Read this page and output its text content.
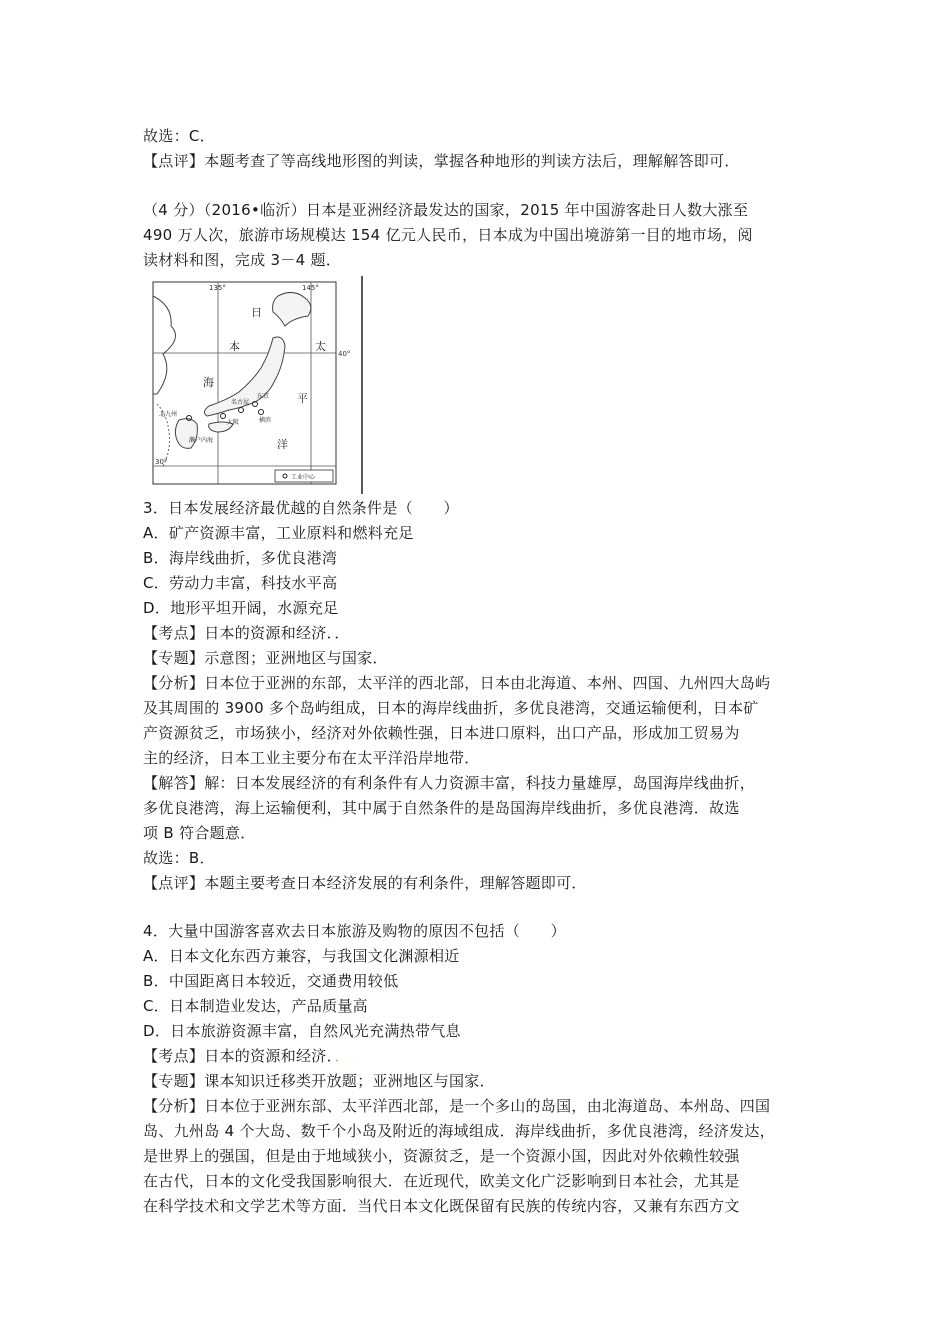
故选：C．
【点评】本题考查了等高线地形图的判读，掌握各种地形的判读方法后，理解解答即可．
（4 分）（2016•临沂）日本是亚洲经济最发达的国家，2015 年中国游客赴日人数大涨至
490 万人次，旅游市场规模达 154 亿元人民币，日本成为中国出境游第一目的地市场，阅
读材料和图，完成 3－4 题．
135°	145°
40°
30°
日
本
海
太
平
洋
北九州
名古屋
东京
横滨
大阪
濑户内海
工业中心
3．日本发展经济最优越的自然条件是（　　）
A．矿产资源丰富，工业原料和燃料充足
B．海岸线曲折，多优良港湾
C．劳动力丰富，科技水平高
D．地形平坦开阔，水源充足
【考点】日本的资源和经济．．
【专题】示意图；亚洲地区与国家．
【分析】日本位于亚洲的东部，太平洋的西北部，日本由北海道、本州、四国、九州四大岛屿
及其周围的 3900 多个岛屿组成，日本的海岸线曲折，多优良港湾，交通运输便利，日本矿
产资源贫乏，市场狭小，经济对外依赖性强，日本进口原料，出口产品，形成加工贸易为
主的经济，日本工业主要分布在太平洋沿岸地带．
【解答】解：日本发展经济的有利条件有人力资源丰富，科技力量雄厚，岛国海岸线曲折，
多优良港湾，海上运输便利，其中属于自然条件的是岛国海岸线曲折，多优良港湾．故选
项 B 符合题意．
故选：B．
【点评】本题主要考查日本经济发展的有利条件，理解答题即可．
4．大量中国游客喜欢去日本旅游及购物的原因不包括（　　）
A．日本文化东西方兼容，与我国文化渊源相近
B．中国距离日本较近，交通费用较低
C．日本制造业发达，产品质量高
D．日本旅游资源丰富，自然风光充满热带气息
【考点】日本的资源和经济．．
【专题】课本知识迁移类开放题；亚洲地区与国家．
【分析】日本位于亚洲东部、太平洋西北部，是一个多山的岛国，由北海道岛、本州岛、四国
岛、九州岛 4 个大岛、数千个小岛及附近的海域组成．海岸线曲折，多优良港湾，经济发达，
是世界上的强国，但是由于地域狭小，资源贫乏，是一个资源小国，因此对外依赖性较强
在古代，日本的文化受我国影响很大．在近现代，欧美文化广泛影响到日本社会，尤其是
在科学技术和文学艺术等方面．当代日本文化既保留有民族的传统内容，又兼有东西方文
